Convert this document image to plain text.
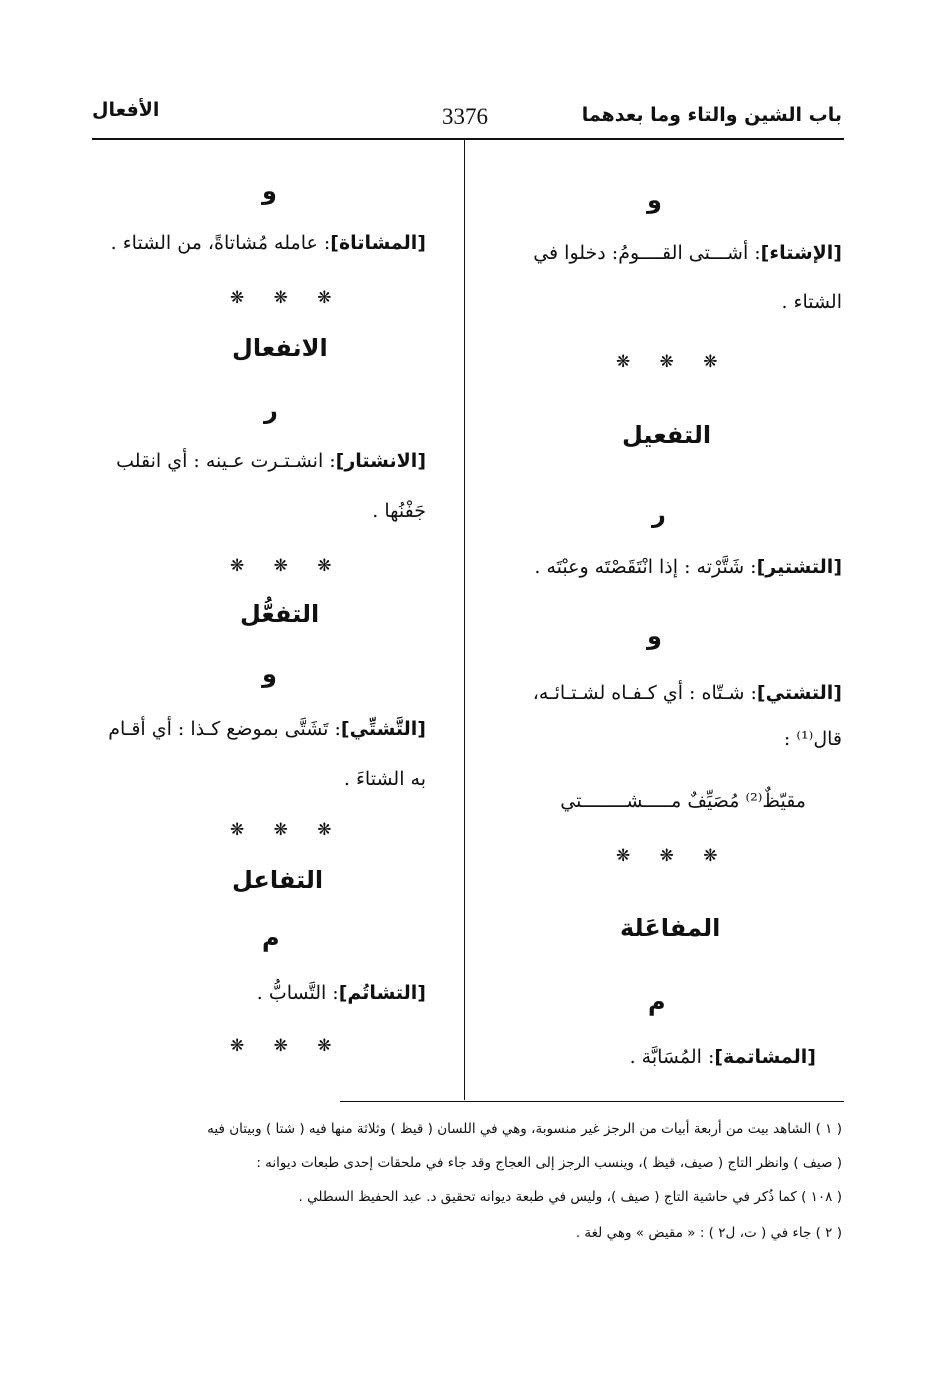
باب الشين والتاء وما بعدهما
3376
الأفعال
و
[الإشتاء]: أشـــتى القــــومُ: دخلوا في
الشتاء .
❋ ❋ ❋
التفعيل
ر
[التشتير]: شَتَّرْته : إذا انْتَقَصْتَه وعبْتَه .
و
[التشتي]: شـتّاه : أي كـفـاه لشـتـائـه،
قال⁽¹⁾ :
مقيّظٌ⁽²⁾ مُصَيِّفٌ مـــــشــــــــتي
❋ ❋ ❋
المفاعَلة
م
[المشاتمة]: المُسَابَّة .
و
[المشاتاة]: عامله مُشاتاةً، من الشتاء .
❋ ❋ ❋
الانفعال
ر
[الانشتار]: انشـتـرت عـينه : أي انقلب
جَفْنُها .
❋ ❋ ❋
التفعُّل
و
[التَّشتِّي]: تَشَتَّى بموضع كـذا : أي أقـام
به الشتاءَ .
❋ ❋ ❋
التفاعل
م
[التشاتُم]: التَّسابُّ .
❋ ❋ ❋
( ١ ) الشاهد بيت من أربعة أبيات من الرجز غير منسوبة، وهي في اللسان ( قيظ ) وثلاثة منها فيه ( شتا ) وبيتان فيه
( صيف ) وانظر التاج ( صيف، قيظ )، وينسب الرجز إلى العجاج وقد جاء في ملحقات إحدى طبعات ديوانه :
( ١٠٨ ) كما ذُكر في حاشية التاج ( صيف )، وليس في طبعة ديوانه تحقيق د. عبد الحفيظ السطلي .
( ٢ ) جاء في ( ت، ل٢ ) : « مقيض » وهي لغة .
